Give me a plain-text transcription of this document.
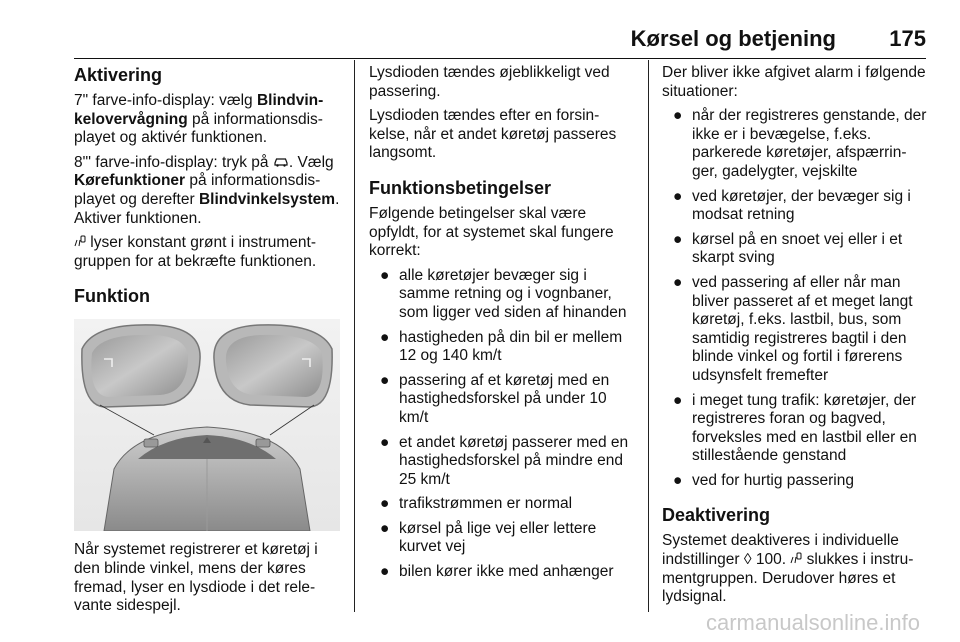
Kørsel og betjening 175
Aktivering

7" farve-info-display: vælg Blindvin-kelovervågning på informationsdis-playet og aktivér funktionen.

8"' farve-info-display: tryk på . Vælg Kørefunktioner på informationsdis-playet og derefter Blindvinkelsystem. Aktiver funktionen.

lyser konstant grønt i instrument-gruppen for at bekræfte funktionen.

Funktion

Når systemet registrerer et køretøj i den blinde vinkel, mens der køres fremad, lyser en lysdiode i det rele-vante sidespejl.

Lysdioden tændes øjeblikkeligt ved passering.

Lysdioden tændes efter en forsin-kelse, når et andet køretøj passeres langsomt.

Funktionsbetingelser

Følgende betingelser skal være opfyldt, for at systemet skal fungere korrekt:

● alle køretøjer bevæger sig i samme retning og i vognbaner, som ligger ved siden af hinanden
● hastigheden på din bil er mellem 12 og 140 km/t
● passering af et køretøj med en hastighedsforskel på under 10 km/t
● et andet køretøj passerer med en hastighedsforskel på mindre end 25 km/t
● trafikstrømmen er normal
● kørsel på lige vej eller lettere kurvet vej
● bilen kører ikke med anhænger

Der bliver ikke afgivet alarm i følgende situationer:

● når der registreres genstande, der ikke er i bevægelse, f.eks. parkerede køretøjer, afspærrin-ger, gadelygter, vejskilte
● ved køretøjer, der bevæger sig i modsat retning
● kørsel på en snoet vej eller i et skarpt sving
● ved passering af eller når man bliver passeret af et meget langt køretøj, f.eks. lastbil, bus, som samtidig registreres bagtil i den blinde vinkel og fortil i førerens udsynsfelt fremefter
● i meget tung trafik: køretøjer, der registreres foran og bagved, forveksles med en lastbil eller en stillestående genstand
● ved for hurtig passering
Deaktivering

Systemet deaktiveres i individuelle indstillinger ◊ 100.  slukkes i instru-mentgruppen. Derudover høres et lydsignal.

carmanualsonline.info
